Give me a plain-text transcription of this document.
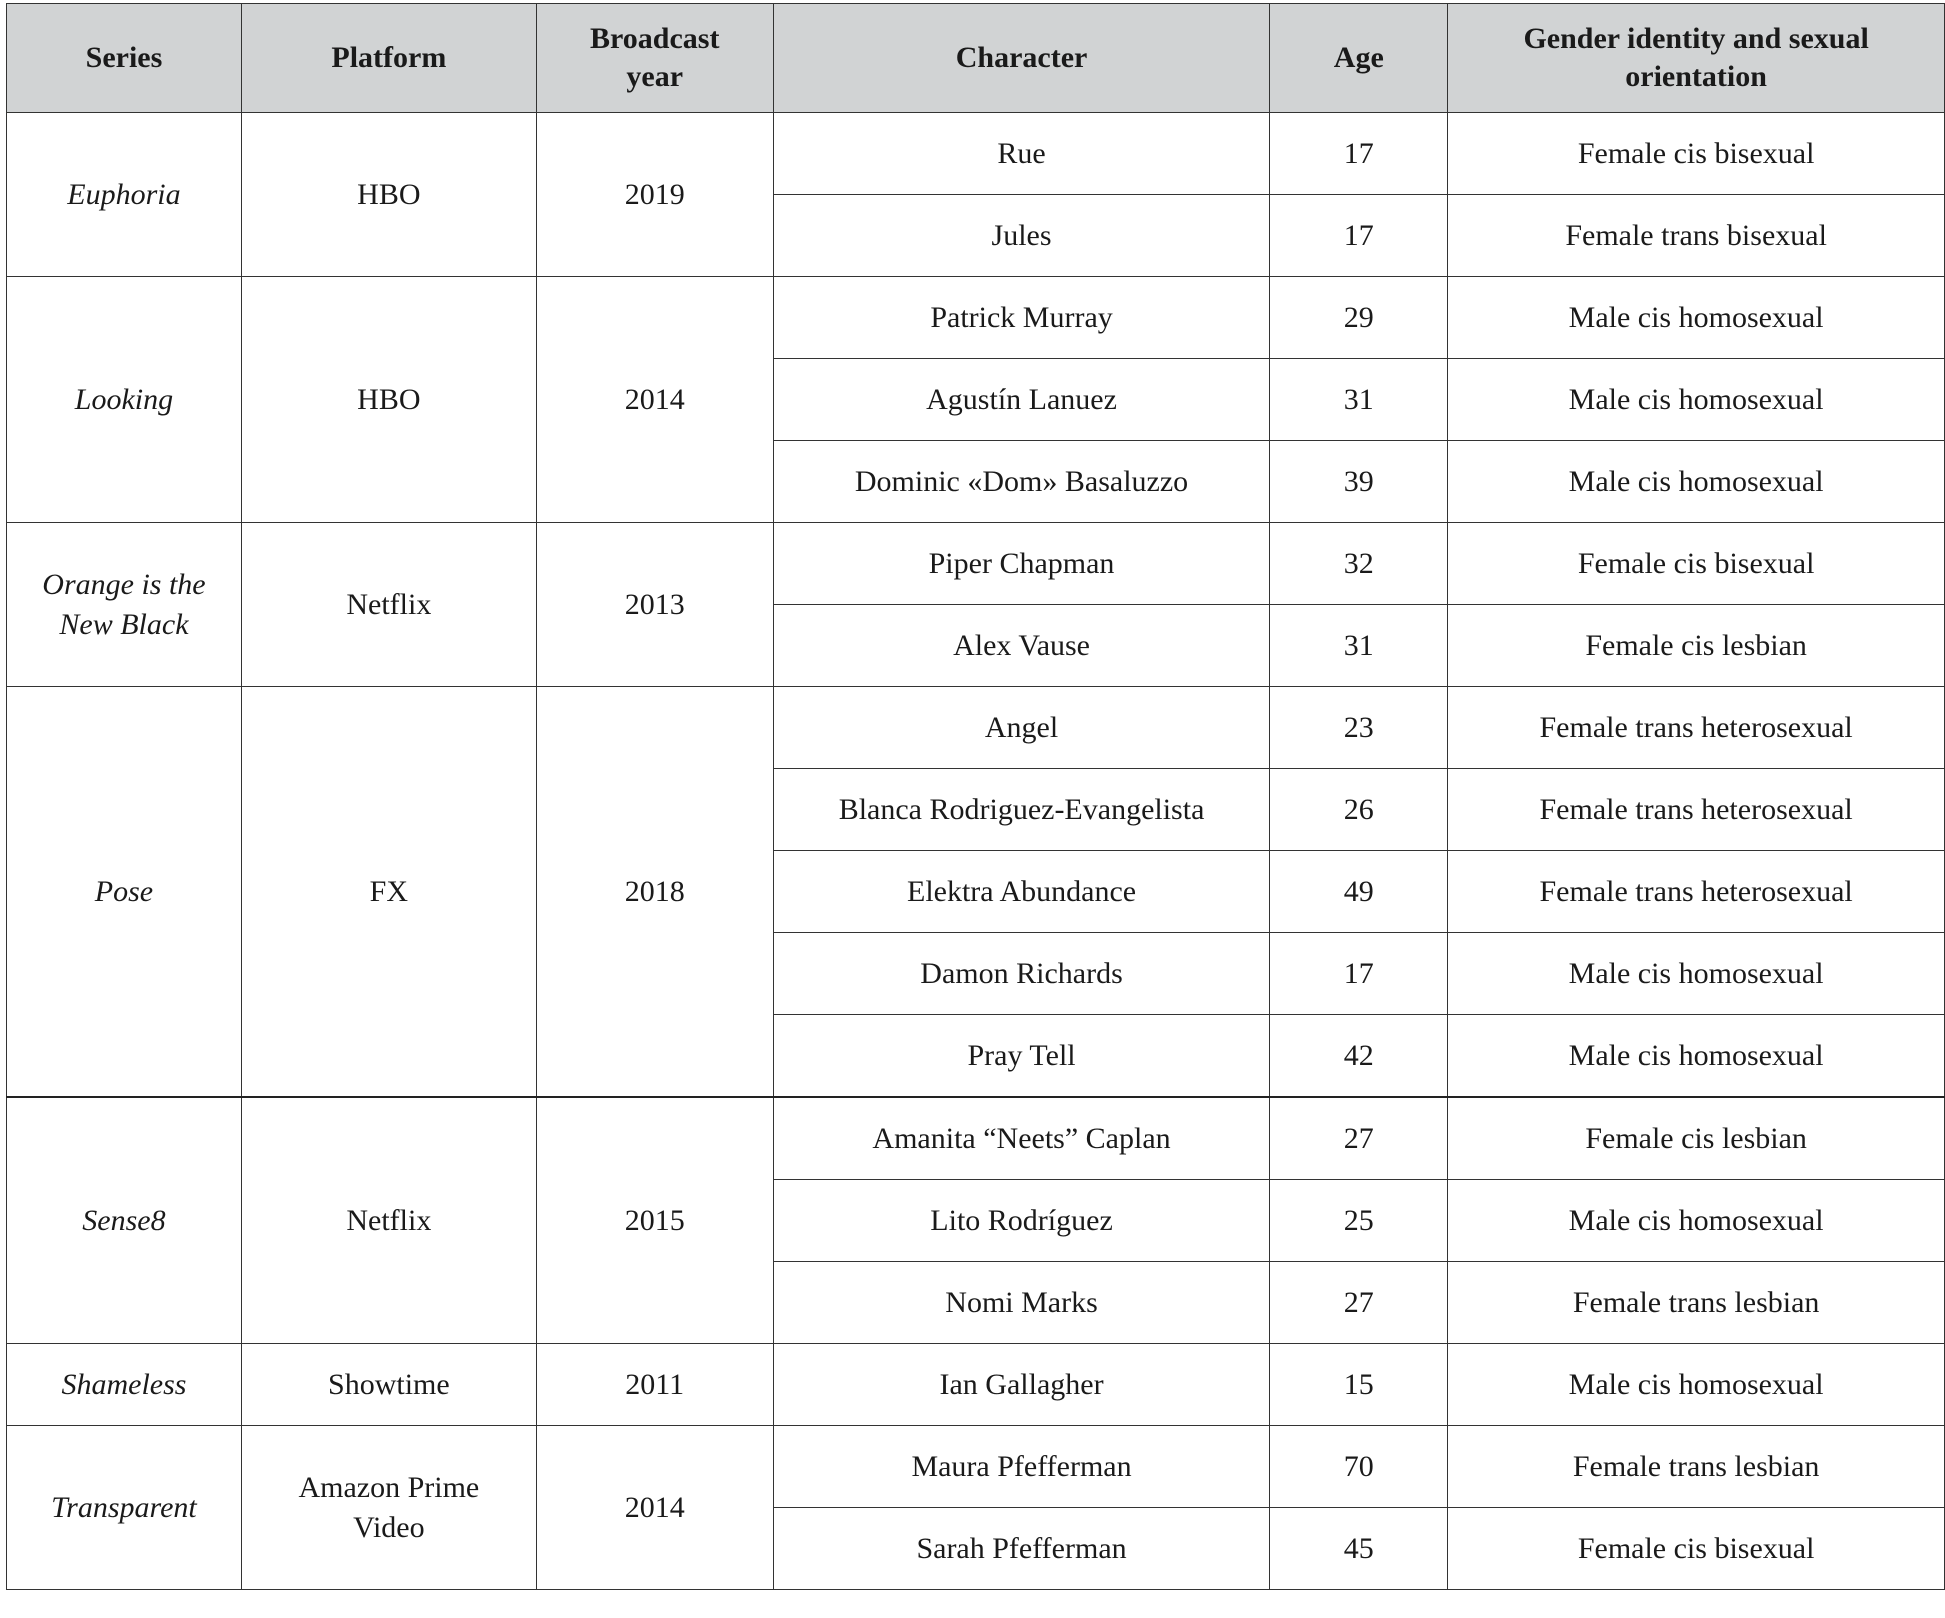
Series	Platform	Broadcast year	Character	Age	Gender identity and sexual orientation
Euphoria	HBO	2019	Rue	17	Female cis bisexual
			Jules	17	Female trans bisexual
Looking	HBO	2014	Patrick Murray	29	Male cis homosexual
			Agustín Lanuez	31	Male cis homosexual
			Dominic «Dom» Basaluzzo	39	Male cis homosexual
Orange is the New Black	Netflix	2013	Piper Chapman	32	Female cis bisexual
			Alex Vause	31	Female cis lesbian
Pose	FX	2018	Angel	23	Female trans heterosexual
			Blanca Rodriguez-Evangelista	26	Female trans heterosexual
			Elektra Abundance	49	Female trans heterosexual
			Damon Richards	17	Male cis homosexual
			Pray Tell	42	Male cis homosexual
Sense8	Netflix	2015	Amanita “Neets” Caplan	27	Female cis lesbian
			Lito Rodríguez	25	Male cis homosexual
			Nomi Marks	27	Female trans lesbian
Shameless	Showtime	2011	Ian Gallagher	15	Male cis homosexual
Transparent	Amazon Prime Video	2014	Maura Pfefferman	70	Female trans lesbian
			Sarah Pfefferman	45	Female cis bisexual
